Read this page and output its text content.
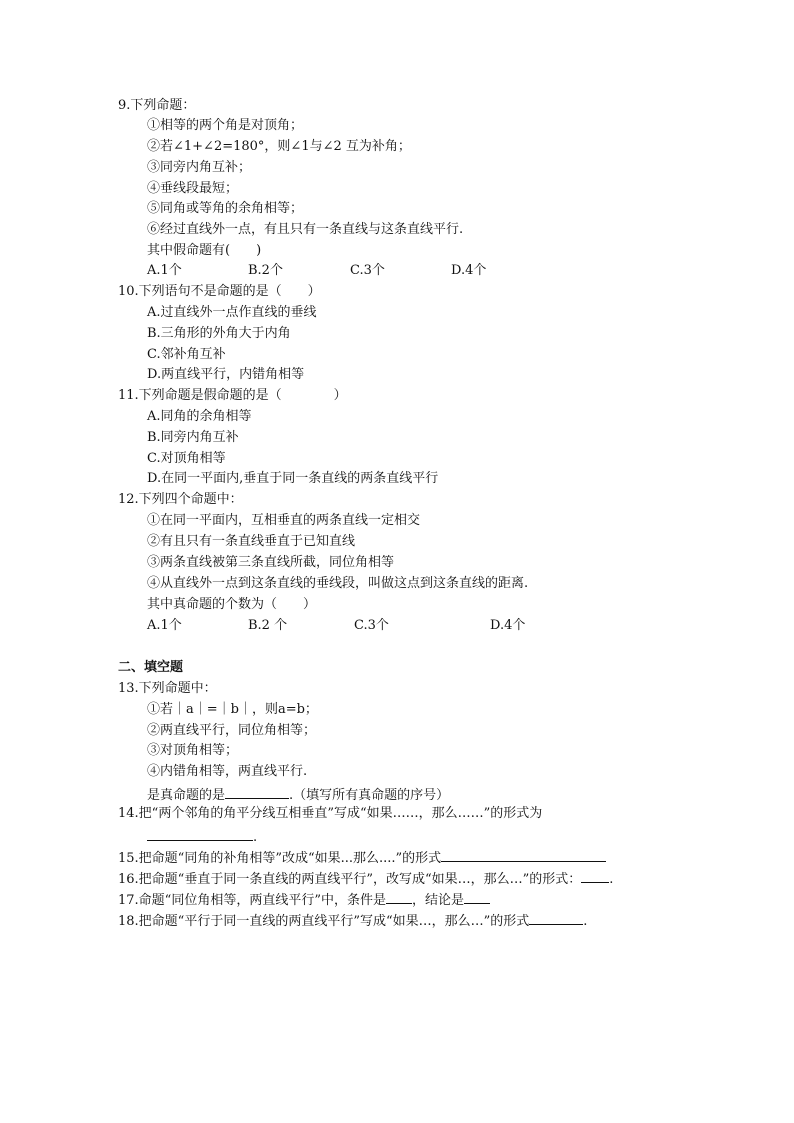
9.下列命题：
①相等的两个角是对顶角；
②若∠1+∠2=180°，则∠1与∠2 互为补角；
③同旁内角互补；
④垂线段最短；
⑤同角或等角的余角相等；
⑥经过直线外一点，有且只有一条直线与这条直线平行.
其中假命题有(　　)
A.1个	B.2个	C.3个	D.4个
10.下列语句不是命题的是（　　）
A.过直线外一点作直线的垂线
B.三角形的外角大于内角
C.邻补角互补
D.两直线平行，内错角相等
11.下列命题是假命题的是（　　　　）
A.同角的余角相等
B.同旁内角互补
C.对顶角相等
D.在同一平面内,垂直于同一条直线的两条直线平行
12.下列四个命题中：
①在同一平面内，互相垂直的两条直线一定相交
②有且只有一条直线垂直于已知直线
③两条直线被第三条直线所截，同位角相等
④从直线外一点到这条直线的垂线段，叫做这点到这条直线的距离.
其中真命题的个数为（　　）
A.1个	B.2 个	C.3个	D.4个
二、填空题
13.下列命题中：
①若｜a｜=｜b｜，则a=b；
②两直线平行，同位角相等；
③对顶角相等；
④内错角相等，两直线平行.
是真命题的是	.（填写所有真命题的序号）
14.把“两个邻角的角平分线互相垂直”写成“如果……，那么……”的形式为
.
15.把命题“同角的补角相等”改成“如果...那么....”的形式
16.把命题“垂直于同一条直线的两直线平行”，改写成“如果…，那么…”的形式： .
17.命题“同位角相等，两直线平行”中，条件是 ，结论是
18.把命题“平行于同一直线的两直线平行”写成“如果…，那么…”的形式	.
